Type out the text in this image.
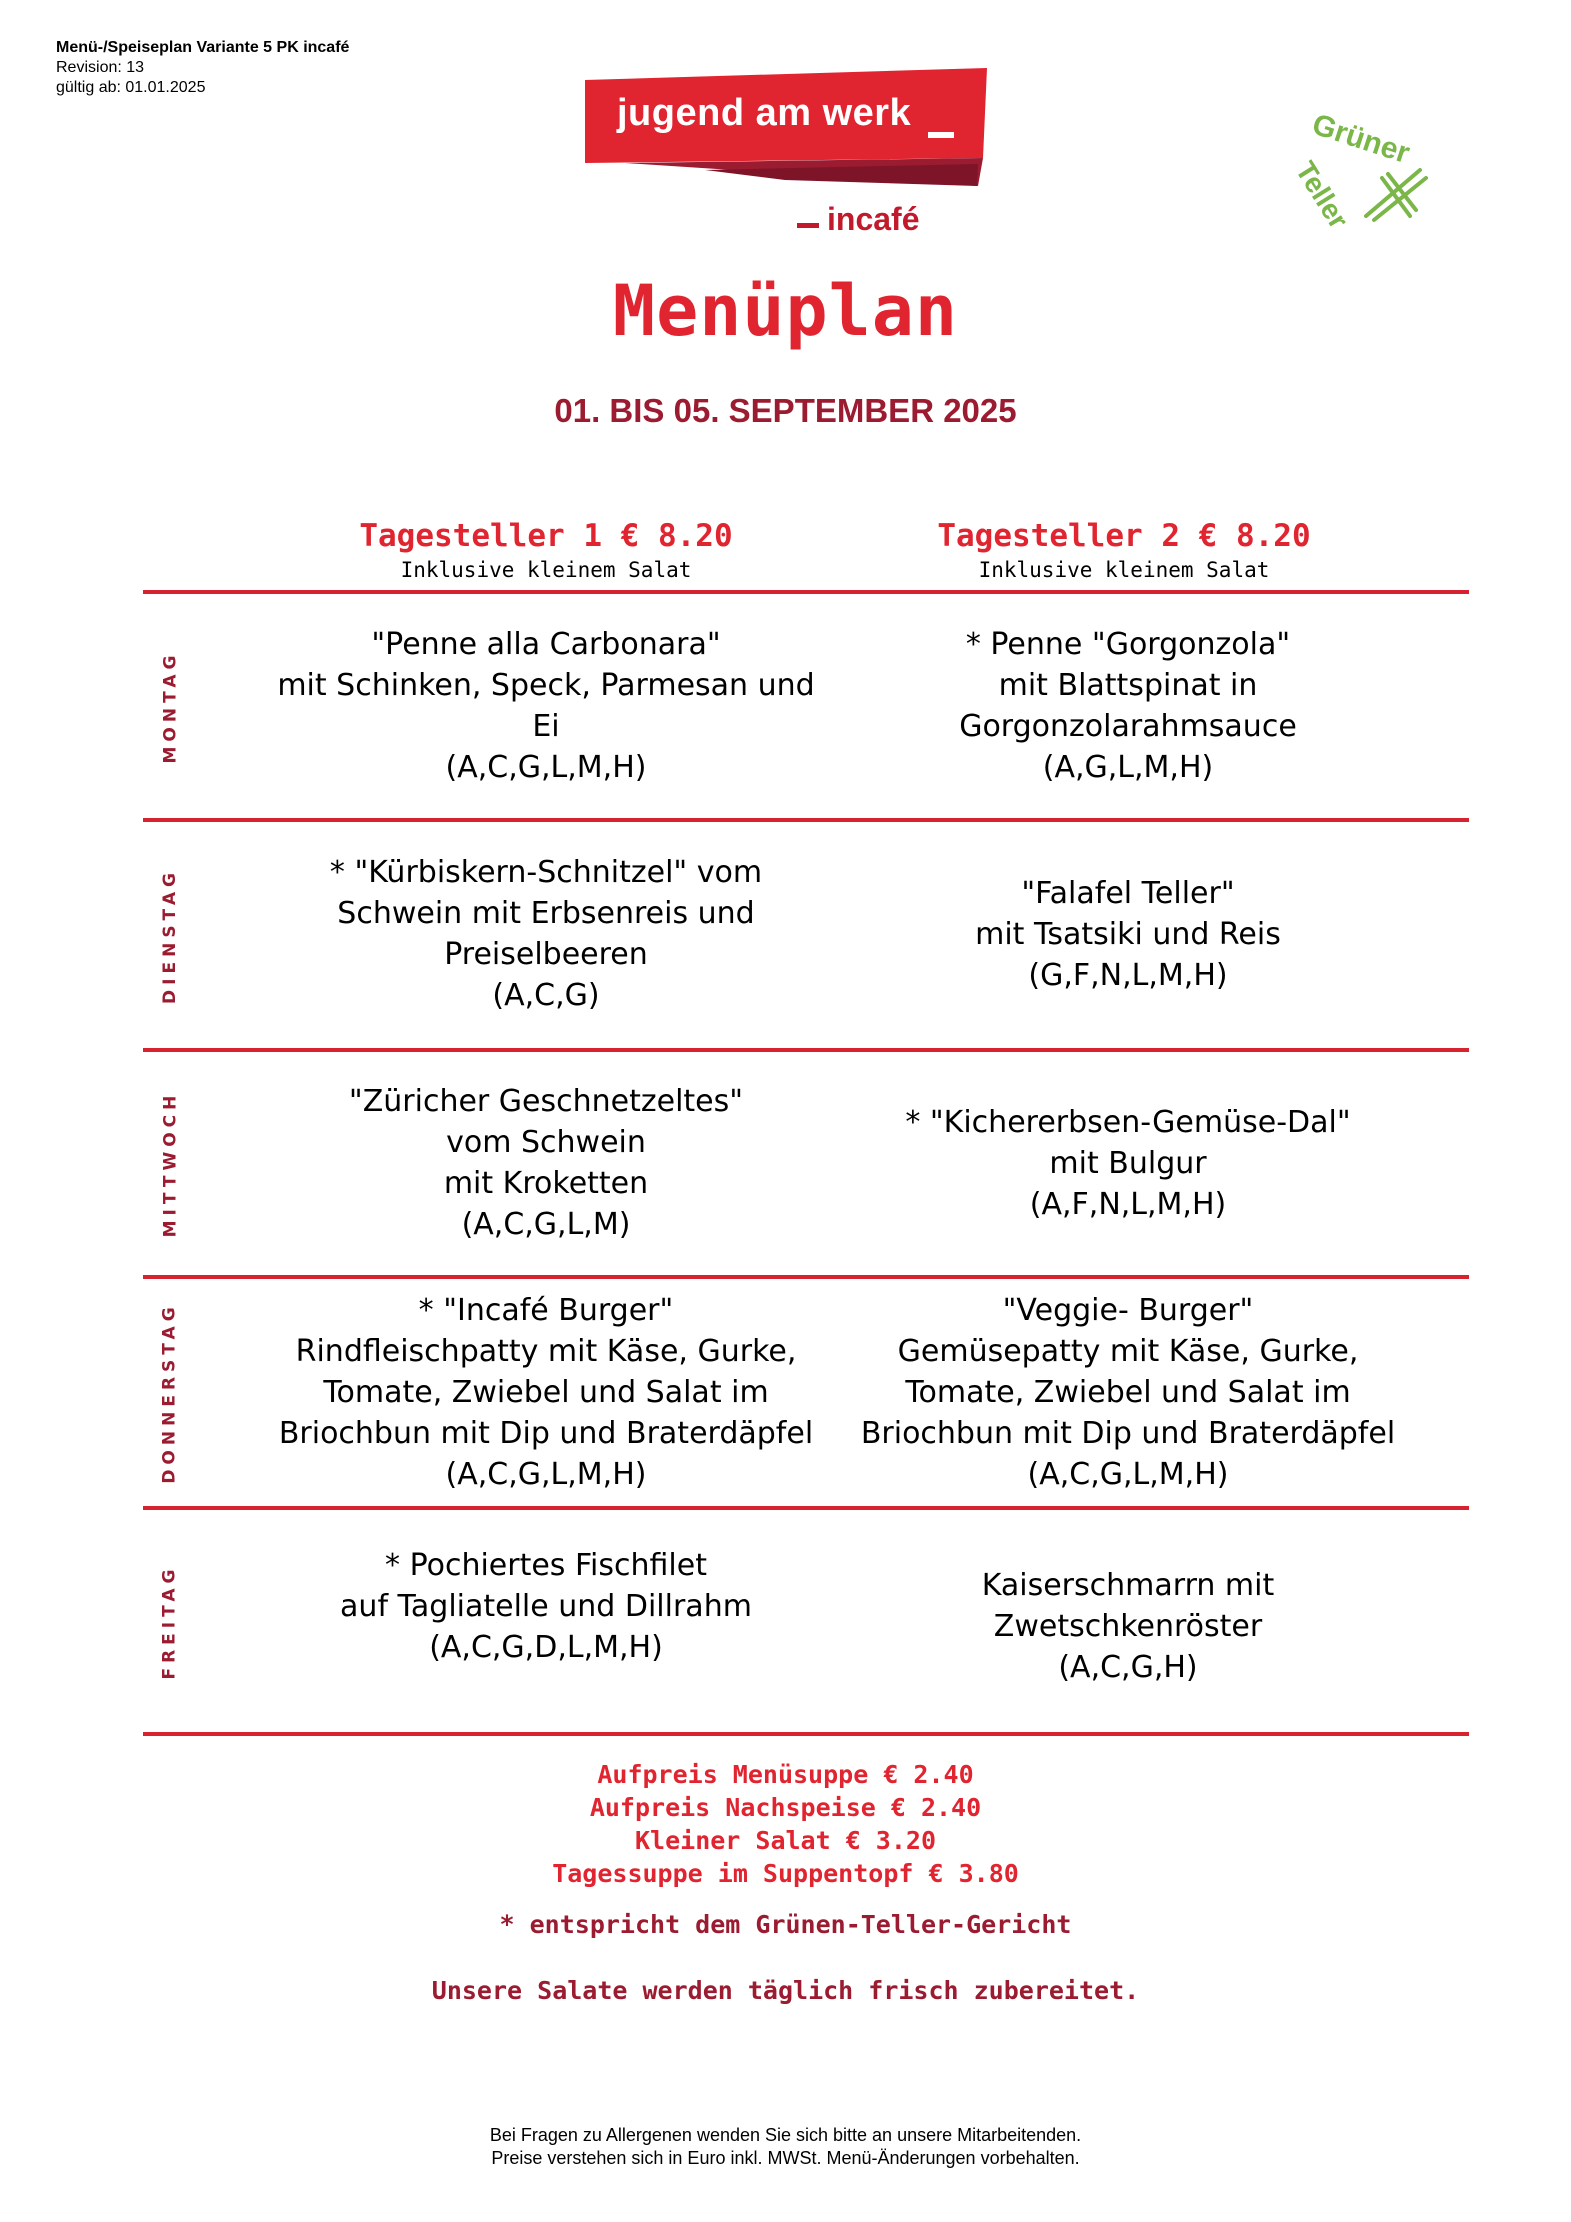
Menü-/Speiseplan Variante 5 PK incafé
Revision: 13
gültig ab: 01.01.2025
jugend am werk
incafé
Grüner
Teller
Menüplan
01. BIS 05. SEPTEMBER 2025
Tagesteller 1 € 8.20
Inklusive kleinem Salat
Tagesteller 2 € 8.20
Inklusive kleinem Salat
MONTAG
DIENSTAG
MITTWOCH
DONNERSTAG
FREITAG
"Penne alla Carbonara"
mit Schinken, Speck, Parmesan und
Ei
(A,C,G,L,M,H)
* Penne "Gorgonzola"
mit Blattspinat in
Gorgonzolarahmsauce
(A,G,L,M,H)
* "Kürbiskern-Schnitzel" vom
Schwein mit Erbsenreis und
Preiselbeeren
(A,C,G)
"Falafel Teller"
mit Tsatsiki und Reis
(G,F,N,L,M,H)
"Züricher Geschnetzeltes"
vom Schwein
mit Kroketten
(A,C,G,L,M)
* "Kichererbsen-Gemüse-Dal"
mit Bulgur
(A,F,N,L,M,H)
* "Incafé Burger"
Rindfleischpatty mit Käse, Gurke,
Tomate, Zwiebel und Salat im
Briochbun mit Dip und Braterdäpfel
(A,C,G,L,M,H)
"Veggie- Burger"
Gemüsepatty mit Käse, Gurke,
Tomate, Zwiebel und Salat im
Briochbun mit Dip und Braterdäpfel
(A,C,G,L,M,H)
* Pochiertes Fischfilet
auf Tagliatelle und Dillrahm
(A,C,G,D,L,M,H)
Kaiserschmarrn mit
Zwetschkenröster
(A,C,G,H)
Aufpreis Menüsuppe € 2.40
Aufpreis Nachspeise € 2.40
Kleiner Salat € 3.20
Tagessuppe im Suppentopf € 3.80
* entspricht dem Grünen-Teller-Gericht
Unsere Salate werden täglich frisch zubereitet.
Bei Fragen zu Allergenen wenden Sie sich bitte an unsere Mitarbeitenden.
Preise verstehen sich in Euro inkl. MWSt. Menü-Änderungen vorbehalten.
